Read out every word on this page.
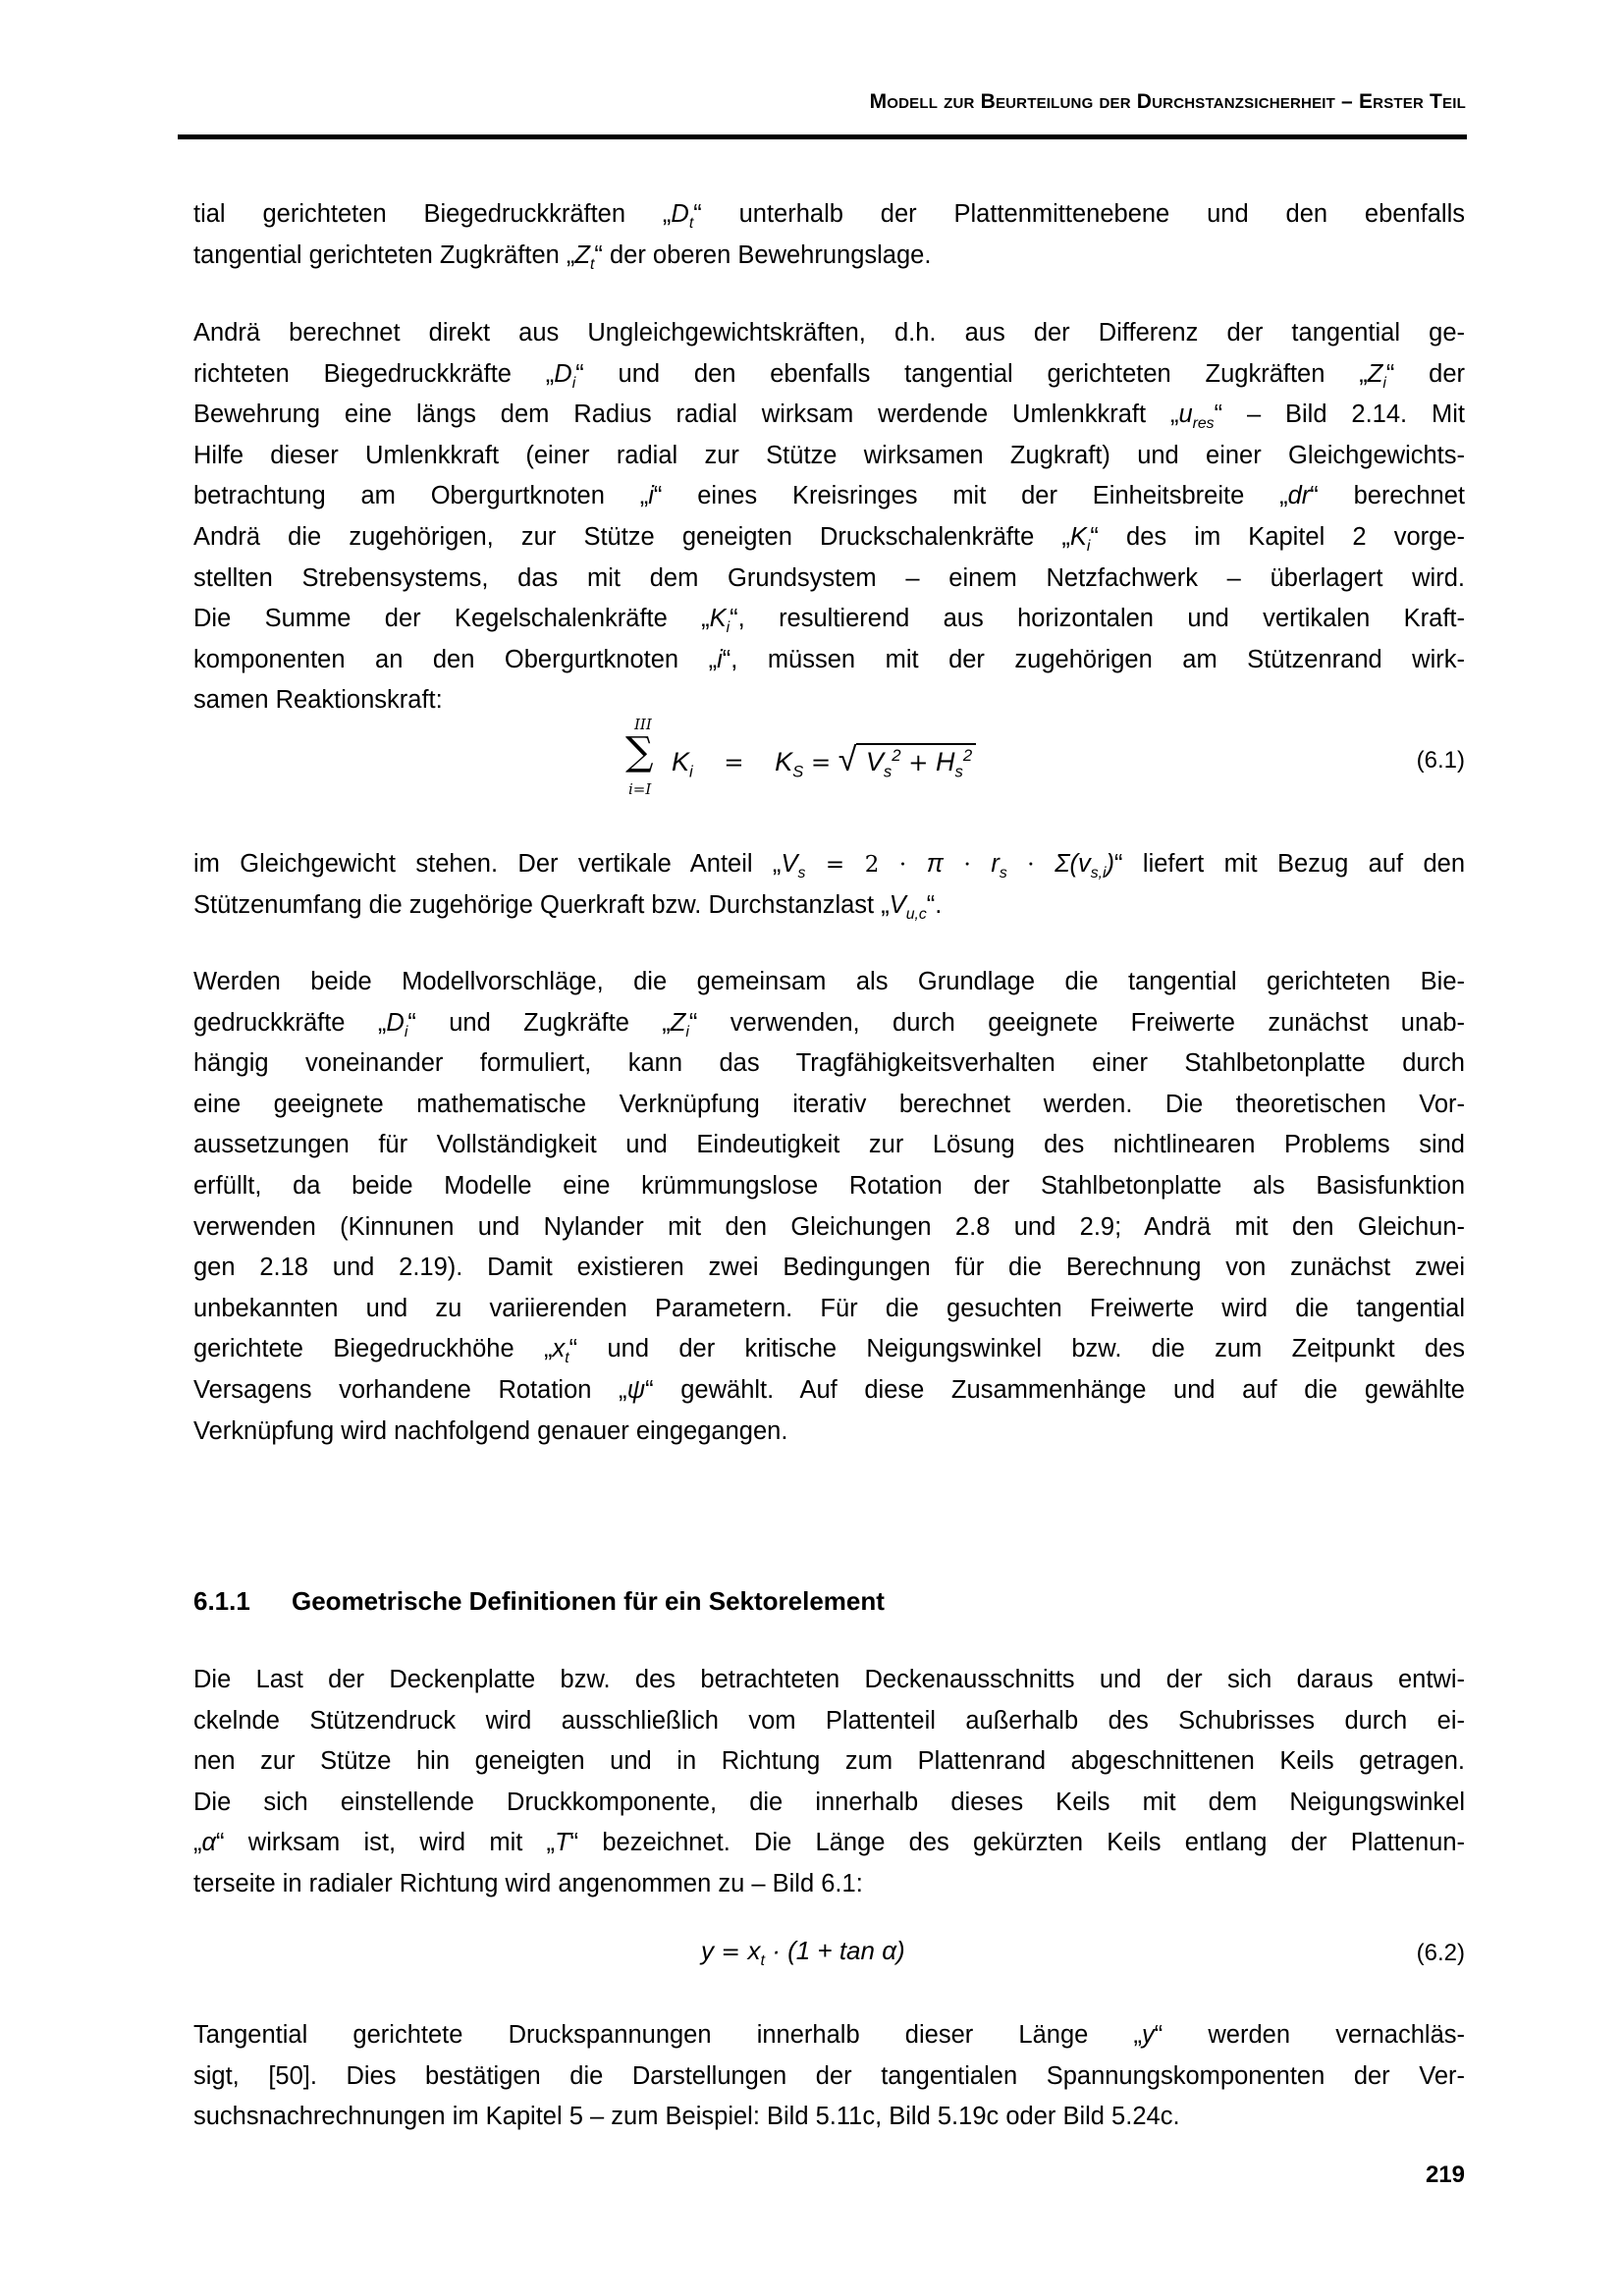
Modell zur Beurteilung der Durchstanzsicherheit – Erster Teil
tial gerichteten Biegedruckkräften $„D_t“$ unterhalb der Plattenmittenebene und den ebenfalls
tangential gerichteten Zugkräften $„Z_t“$ der oberen Bewehrungslage.
Andrä berechnet direkt aus Ungleichgewichtskräften, d.h. aus der Differenz der tangential ge-
richteten Biegedruckkräfte $„D_i“$ und den ebenfalls tangential gerichteten Zugkräften $„Z_i“$ der
Bewehrung eine längs dem Radius radial wirksam werdende Umlenkkraft $„u_{res}“$ – Bild 2.14. Mit
Hilfe dieser Umlenkkraft (einer radial zur Stütze wirksamen Zugkraft) und einer Gleichgewichts-
betrachtung am Obergurtknoten „i“ eines Kreisringes mit der Einheitsbreite „dr“ berechnet
Andrä die zugehörigen, zur Stütze geneigten Druckschalenkräfte $„K_i“$ des im Kapitel 2 vorge-
stellten Strebensystems, das mit dem Grundsystem – einem Netzfachwerk – überlagert wird.
Die Summe der Kegelschalenkräfte $„K_i“$, resultierend aus horizontalen und vertikalen Kraft-
komponenten an den Obergurtknoten „i“, müssen mit der zugehörigen am Stützenrand wirk-
samen Reaktionskraft:
III
∑
i=I
$K_i = K_S$ = √ $V_s^2 + H_s^2$	(6.1)
im Gleichgewicht stehen. Der vertikale Anteil $„V_s = 2 \cdot \pi \cdot r_s$ · $\Sigma(v_{s,i})“$ liefert mit Bezug auf den
Stützenumfang die zugehörige Querkraft bzw. Durchstanzlast $„V_{u,c}“$.
Werden beide Modellvorschläge, die gemeinsam als Grundlage die tangential gerichteten Bie-
gedruckkräfte $„D_i“$ und Zugkräfte $„Z_i“$ verwenden, durch geeignete Freiwerte zunächst unab-
hängig voneinander formuliert, kann das Tragfähigkeitsverhalten einer Stahlbetonplatte durch
eine geeignete mathematische Verknüpfung iterativ berechnet werden. Die theoretischen Vor-
aussetzungen für Vollständigkeit und Eindeutigkeit zur Lösung des nichtlinearen Problems sind
erfüllt, da beide Modelle eine krümmungslose Rotation der Stahlbetonplatte als Basisfunktion
verwenden (Kinnunen und Nylander mit den Gleichungen 2.8 und 2.9; Andrä mit den Gleichun-
gen 2.18 und 2.19). Damit existieren zwei Bedingungen für die Berechnung von zunächst zwei
unbekannten und zu variierenden Parametern. Für die gesuchten Freiwerte wird die tangential
gerichtete Biegedruckhöhe $„x_t“$ und der kritische Neigungswinkel bzw. die zum Zeitpunkt des
Versagens vorhandene Rotation „ψ“ gewählt. Auf diese Zusammenhänge und auf die gewählte
Verknüpfung wird nachfolgend genauer eingegangen.
6.1.1 Geometrische Definitionen für ein Sektorelement
Die Last der Deckenplatte bzw. des betrachteten Deckenausschnitts und der sich daraus entwi-
ckelnde Stützendruck wird ausschließlich vom Plattenteil außerhalb des Schubrisses durch ei-
nen zur Stütze hin geneigten und in Richtung zum Plattenrand abgeschnittenen Keils getragen.
Die sich einstellende Druckkomponente, die innerhalb dieses Keils mit dem Neigungswinkel
„α“ wirksam ist, wird mit „T“ bezeichnet. Die Länge des gekürzten Keils entlang der Plattenun-
terseite in radialer Richtung wird angenommen zu – Bild 6.1:
$y = x_t \cdot (1 + \tan \alpha)$	(6.2)
Tangential gerichtete Druckspannungen innerhalb dieser Länge „y“ werden vernachläs-
sigt, [50]. Dies bestätigen die Darstellungen der tangentialen Spannungskomponenten der Ver-
suchsnachrechnungen im Kapitel 5 – zum Beispiel: Bild 5.11c, Bild 5.19c oder Bild 5.24c.
219
